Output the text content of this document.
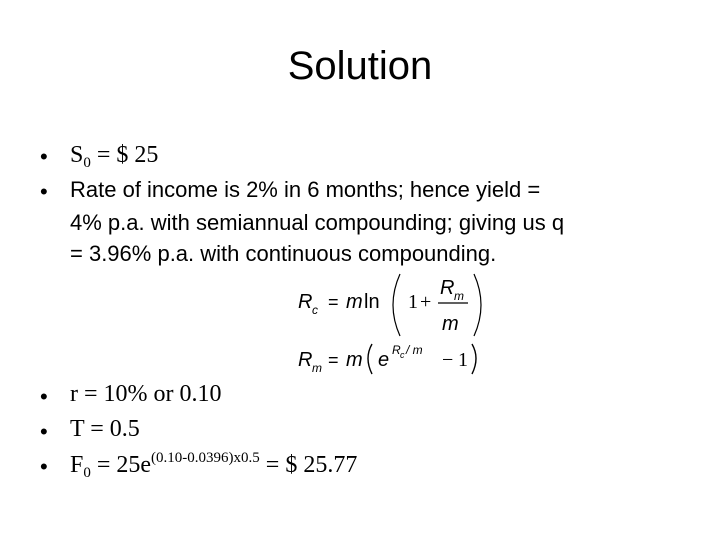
Solution
• $S_0$ = $ 25
• Rate of income is 2% in 6 months; hence yield =
4% p.a. with semiannual compounding; giving us q
= 3.96% p.a. with continuous compounding.
R c = m ln 1 +
R m
m
R m = m e R c / m − 1
• r = 10% or 0.10
• T = 0.5
• $F_0 = 25e^{(0.10-0.0396)x0.5}$ = $ 25.77
